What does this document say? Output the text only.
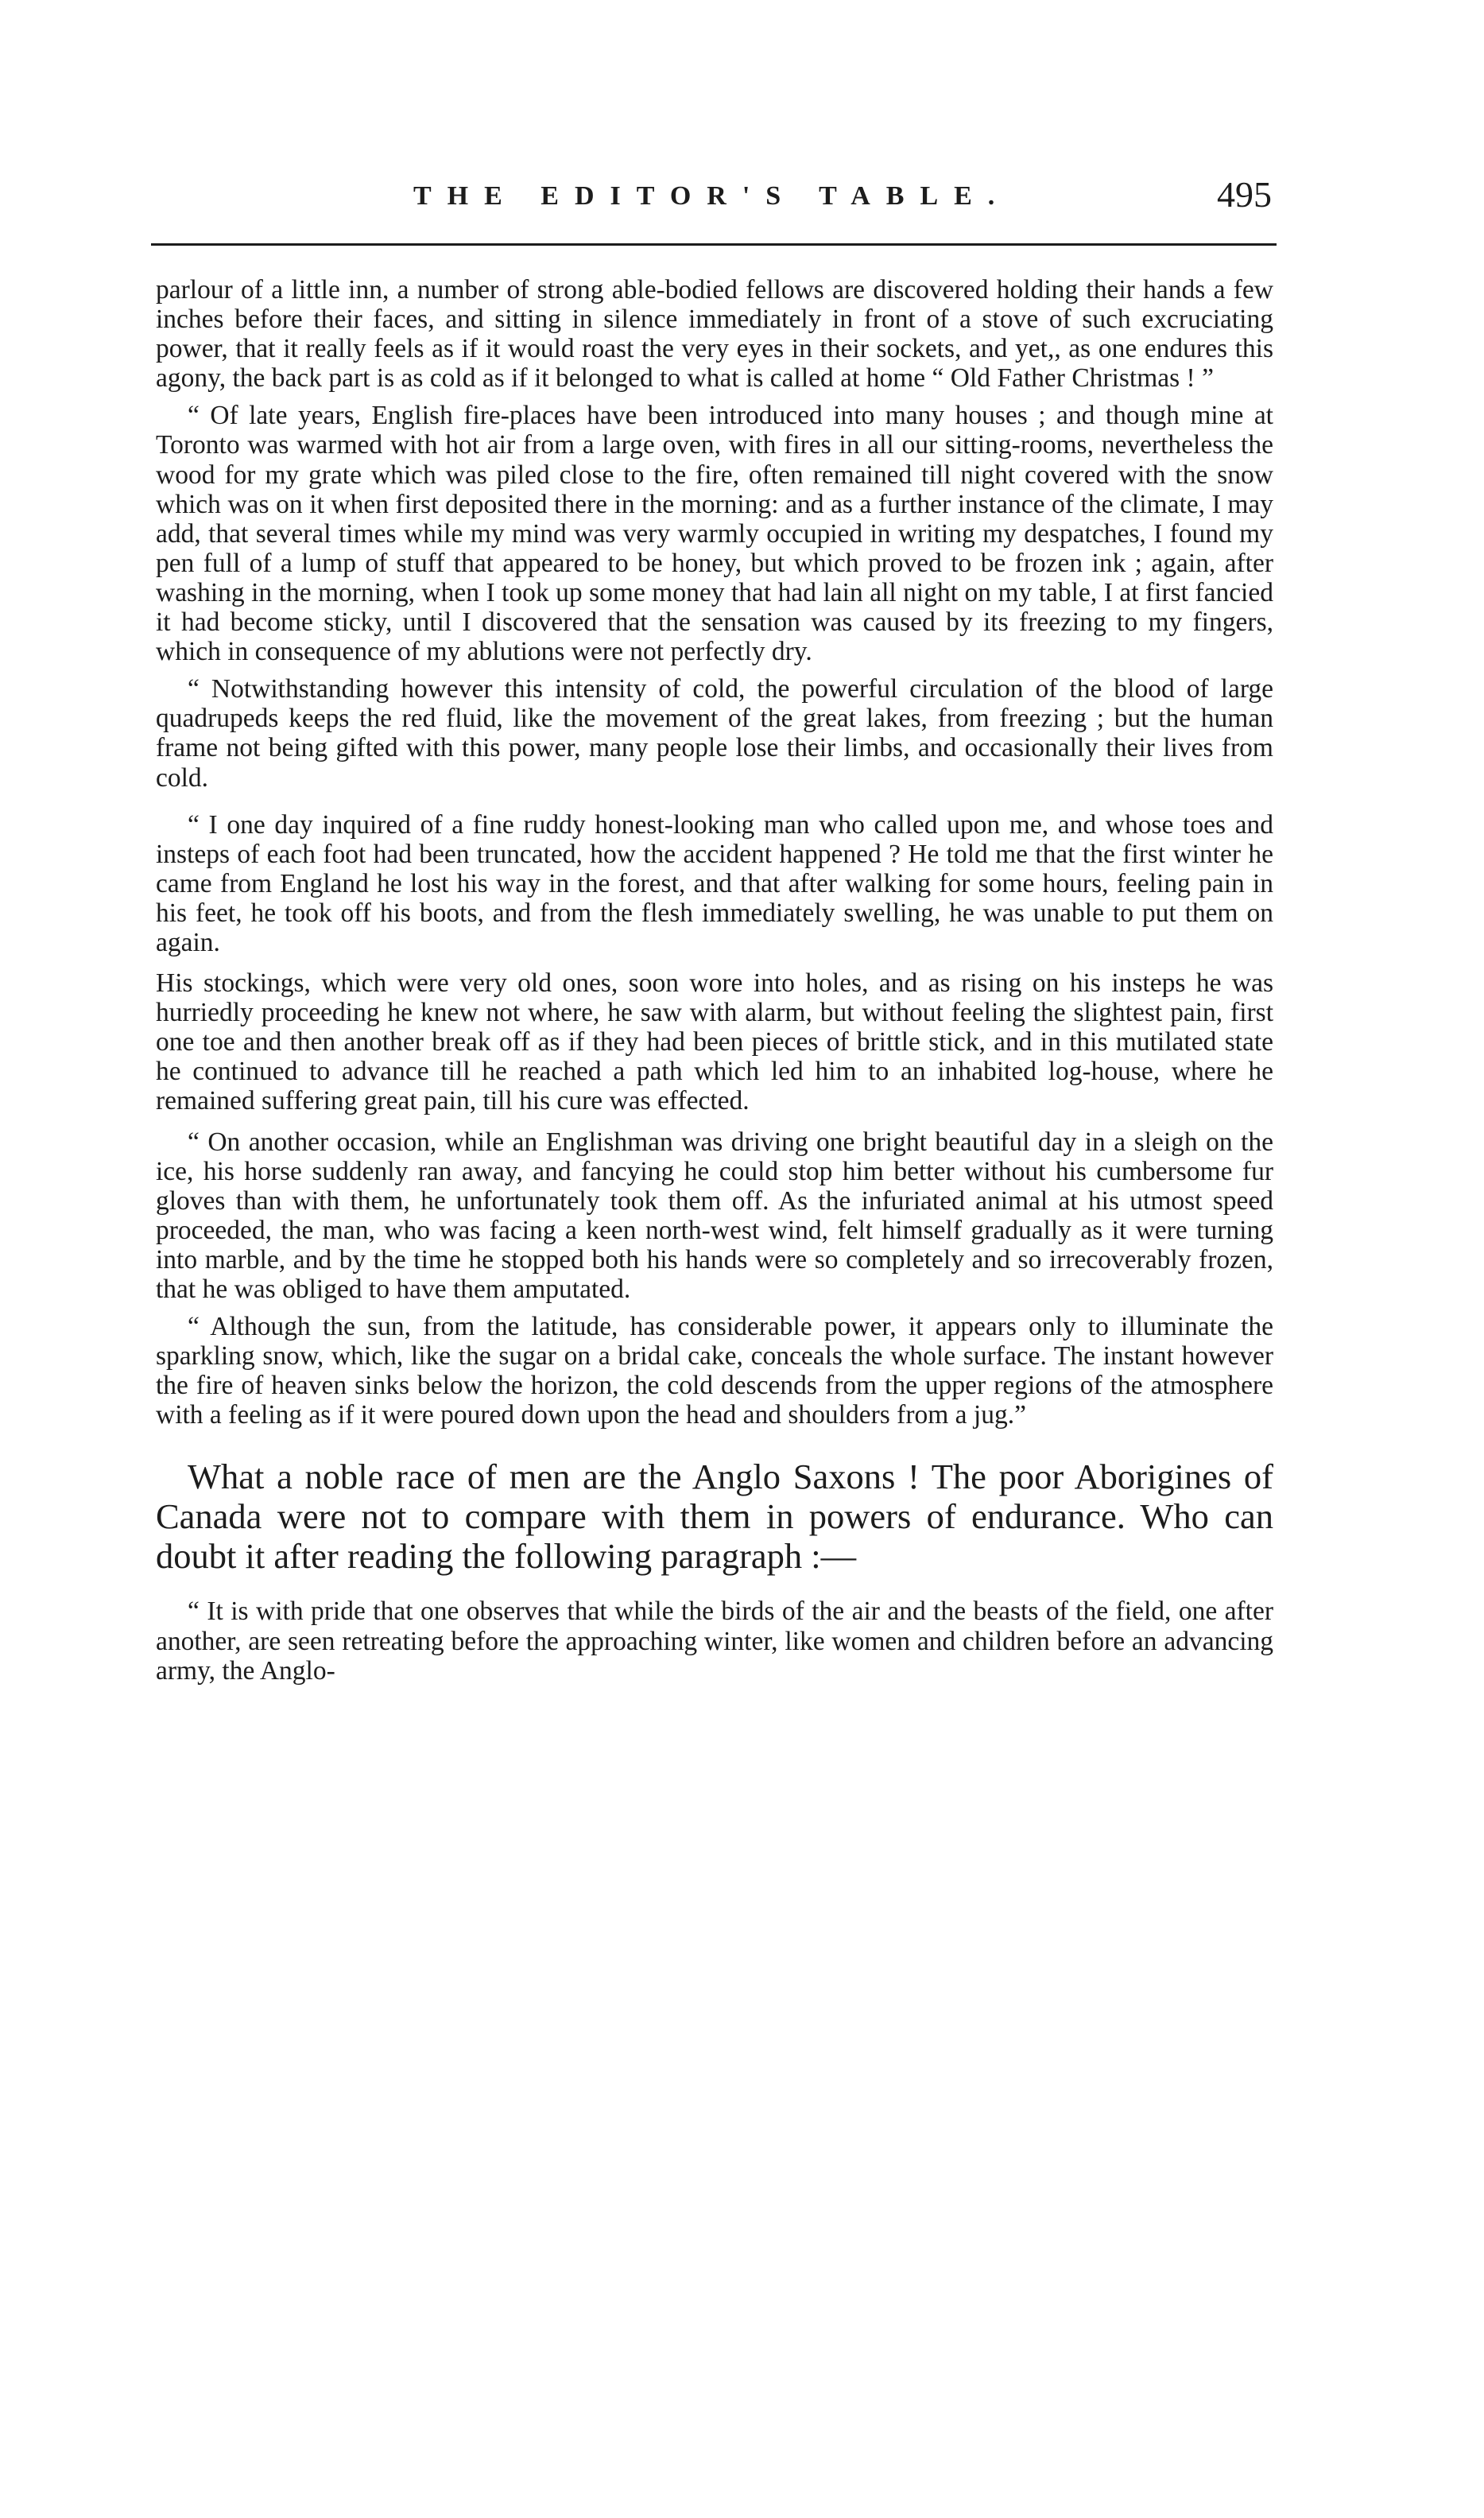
THE EDITOR'S TABLE.	495

parlour of a little inn, a number of strong able-bodied fellows are discovered holding their hands a few inches before their faces, and sitting in silence immediately in front of a stove of such excruciating power, that it really feels as if it would roast the very eyes in their sockets, and yet,, as one endures this agony, the back part is as cold as if it belonged to what is called at home “ Old Father Christmas ! ”

“ Of late years, English fire-places have been introduced into many houses ; and though mine at Toronto was warmed with hot air from a large oven, with fires in all our sitting-rooms, nevertheless the wood for my grate which was piled close to the fire, often remained till night covered with the snow which was on it when first deposited there in the morning: and as a further instance of the climate, I may add, that several times while my mind was very warmly occupied in writing my despatches, I found my pen full of a lump of stuff that appeared to be honey, but which proved to be frozen ink ; again, after washing in the morning, when I took up some money that had lain all night on my table, I at first fancied it had become sticky, until I discovered that the sensation was caused by its freezing to my fingers, which in consequence of my ablutions were not perfectly dry.

“ Notwithstanding however this intensity of cold, the powerful circulation of the blood of large quadrupeds keeps the red fluid, like the movement of the great lakes, from freezing ; but the human frame not being gifted with this power, many people lose their limbs, and occasionally their lives from cold.

“ I one day inquired of a fine ruddy honest-looking man who called upon me, and whose toes and insteps of each foot had been truncated, how the accident happened ? He told me that the first winter he came from England he lost his way in the forest, and that after walking for some hours, feeling pain in his feet, he took off his boots, and from the flesh immediately swelling, he was unable to put them on again.

His stockings, which were very old ones, soon wore into holes, and as rising on his insteps he was hurriedly proceeding he knew not where, he saw with alarm, but without feeling the slightest pain, first one toe and then another break off as if they had been pieces of brittle stick, and in this mutilated state he continued to advance till he reached a path which led him to an inhabited log-house, where he remained suffering great pain, till his cure was effected.

“ On another occasion, while an Englishman was driving one bright beautiful day in a sleigh on the ice, his horse suddenly ran away, and fancying he could stop him better without his cumbersome fur gloves than with them, he unfortunately took them off. As the infuriated animal at his utmost speed proceeded, the man, who was facing a keen north-west wind, felt himself gradually as it were turning into marble, and by the time he stopped both his hands were so completely and so irrecoverably frozen, that he was obliged to have them amputated.

“ Although the sun, from the latitude, has considerable power, it appears only to illuminate the sparkling snow, which, like the sugar on a bridal cake, conceals the whole surface. The instant however the fire of heaven sinks below the horizon, the cold descends from the upper regions of the atmosphere with a feeling as if it were poured down upon the head and shoulders from a jug.”

What a noble race of men are the Anglo Saxons ! The poor Aborigines of Canada were not to compare with them in powers of endurance. Who can doubt it after reading the following paragraph :—

“ It is with pride that one observes that while the birds of the air and the beasts of the field, one after another, are seen retreating before the approaching winter, like women and children before an advancing army, the Anglo-
